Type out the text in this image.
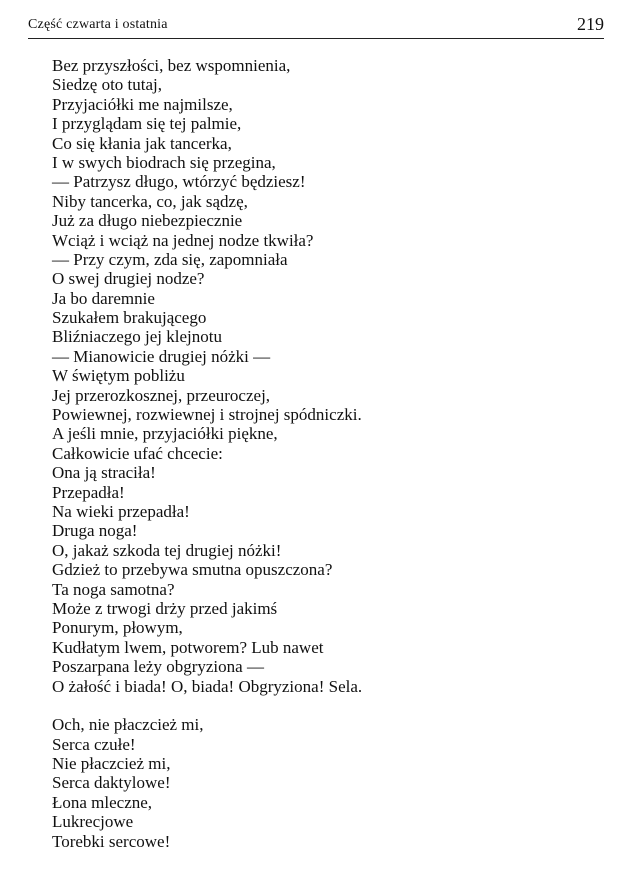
Część czwarta i ostatnia	219
Bez przyszłości, bez wspomnienia,
Siedzę oto tutaj,
Przyjaciółki me najmilsze,
I przyglądam się tej palmie,
Co się kłania jak tancerka,
I w swych biodrach się przegina,
— Patrzysz długo, wtórzyć będziesz!
Niby tancerka, co, jak sądzę,
Już za długo niebezpiecznie
Wciąż i wciąż na jednej nodze tkwiła?
— Przy czym, zda się, zapomniała
O swej drugiej nodze?
Ja bo daremnie
Szukałem brakującego
Bliźniaczego jej klejnotu
— Mianowicie drugiej nóżki —
W świętym pobliżu
Jej przerozkosznej, przeuroczej,
Powiewnej, rozwiewnej i strojnej spódniczki.
A jeśli mnie, przyjaciółki piękne,
Całkowicie ufać chcecie:
Ona ją straciła!
Przepadła!
Na wieki przepadła!
Druga noga!
O, jakaż szkoda tej drugiej nóżki!
Gdzież to przebywa smutna opuszczona?
Ta noga samotna?
Może z trwogi drży przed jakimś
Ponurym, płowym,
Kudłatym lwem, potworem? Lub nawet
Poszarpana leży obgryziona —
O żałość i biada! O, biada! Obgryziona! Sela.
Och, nie płaczcież mi,
Serca czułe!
Nie płaczcież mi,
Serca daktylowe!
Łona mleczne,
Lukrecjowe
Torebki sercowe!
